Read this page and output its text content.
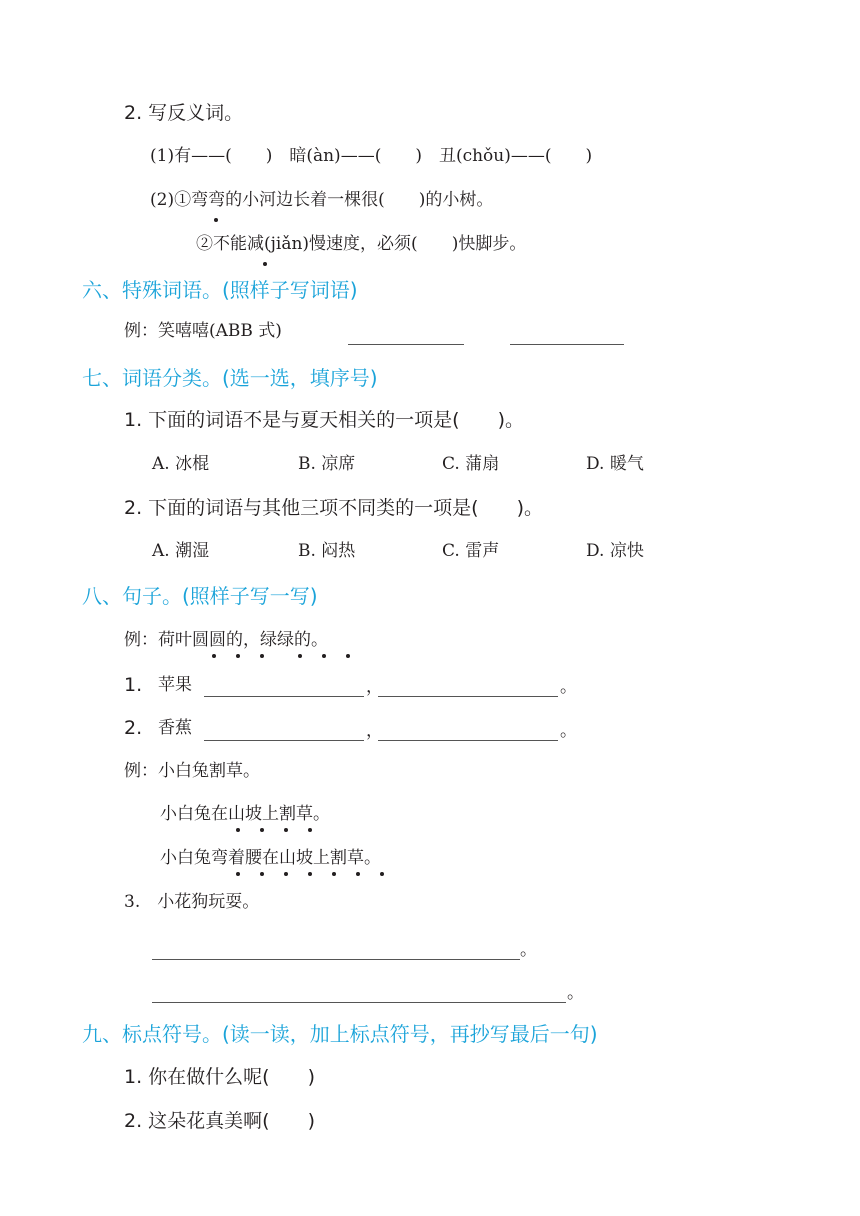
2. 写反义词。
(1)有——(　　)　暗(àn)——(　　)　丑(chǒu)——(　　)
(2)①弯弯的小河边长着一棵很(　　)的小树。
②不能减(jiǎn)慢速度，必须(　　)快脚步。
六、特殊词语。(照样子写词语)
例：笑嘻嘻(ABB 式)
七、词语分类。(选一选，填序号)
1. 下面的词语不是与夏天相关的一项是(　　)。
A. 冰棍	B. 凉席	C. 蒲扇	D. 暖气
2. 下面的词语与其他三项不同类的一项是(　　)。
A. 潮湿	B. 闷热	C. 雷声	D. 凉快
八、句子。(照样子写一写)
例：荷叶圆圆的，绿绿的。
1. 苹果	，	。
2. 香蕉	，	。
例：小白兔割草。
小白兔在山坡上割草。
小白兔弯着腰在山坡上割草。
3.　小花狗玩耍。
。
。
九、标点符号。(读一读，加上标点符号，再抄写最后一句)
1. 你在做什么呢(　　)
2. 这朵花真美啊(　　)
